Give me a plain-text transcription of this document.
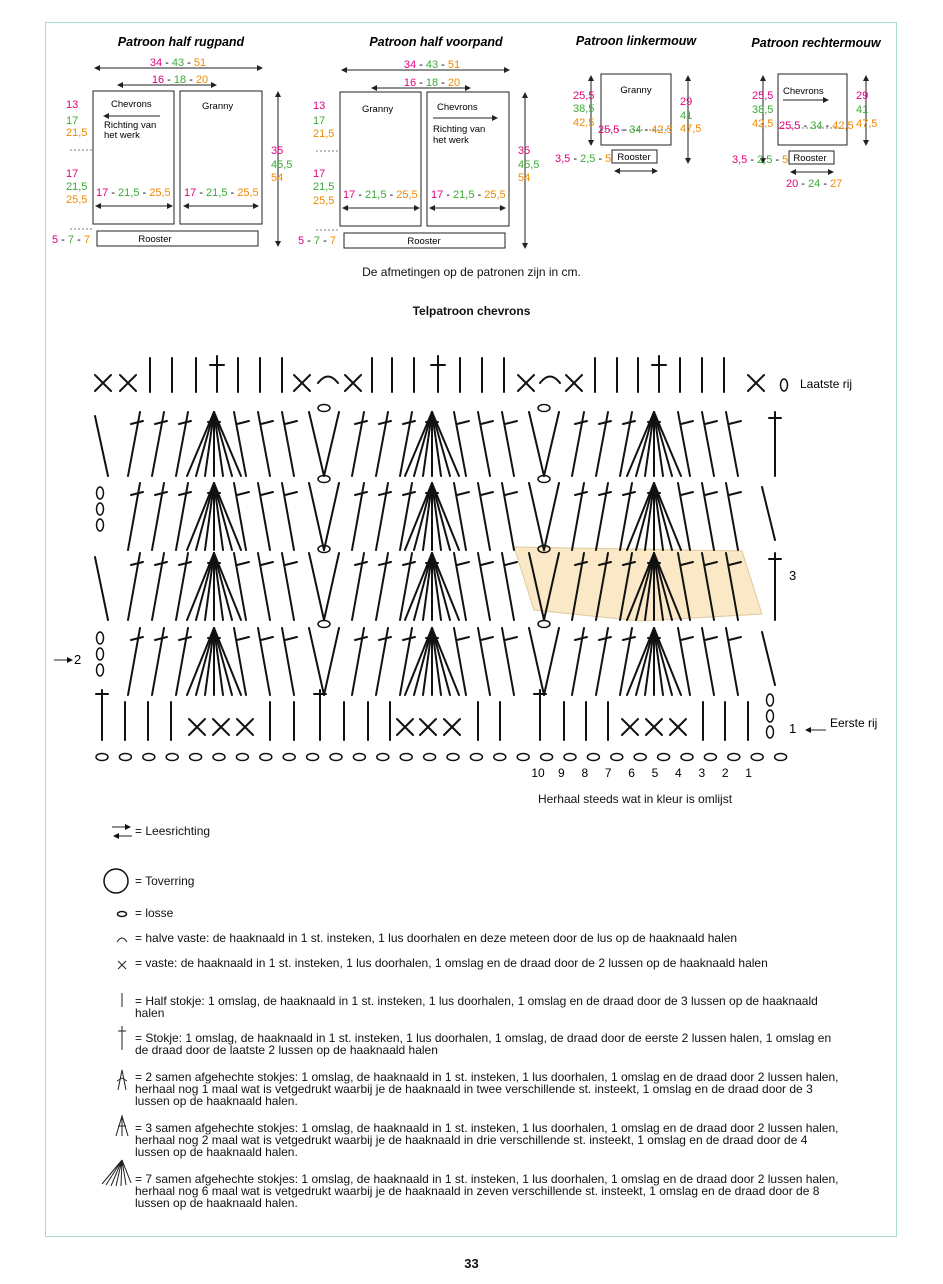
Patroon half rugpand
34 - 43 - 51
16 - 18 - 20
Chevrons	Granny
Richting van
het werk
Rooster
13
17
21,5
17
21,5
25,5
35
45,5
54
17 - 21,5 - 25,5 17 - 21,5 - 25,5
5 - 7 - 7
Patroon half voorpand
34 - 43 - 51
16 - 18 - 20
Granny	Chevrons
Richting van
het werk
Rooster
13
17
21,5
17
21,5
25,5
35
45,5
54
17 - 21,5 - 25,5 17 - 21,5 - 25,5
5 - 7 - 7
Patroon linkermouw
Granny
Rooster
25,5
38,5
42,5
29
41
47,5
25,5 - 34 - 42,5
3,5 - 2,5 - 5
Patroon rechtermouw
Chevrons
Rooster
25,5
38,5
42,5
29
41
47,5
25,5 - 34 - 42,5
3,5 - 2,5 - 5
20 - 24 - 27
De afmetingen op de patronen zijn in cm.
Telpatroon chevrons
Laatste rij
Eerste rij
1
2
3
10 9 8 7 6 5 4 3 2 1
Herhaal steeds wat in kleur is omlijst
= Leesrichting
= Toverring
= losse
= halve vaste: de haaknaald in 1 st. insteken, 1 lus doorhalen en deze meteen door de lus op de haaknaald halen
= vaste: de haaknaald in 1 st. insteken, 1 lus doorhalen, 1 omslag en de draad door de 2 lussen op de haaknaald halen
= Half stokje: 1 omslag, de haaknaald in 1 st. insteken, 1 lus doorhalen, 1 omslag en de draad door de 3 lussen op de haaknaald halen
= Stokje: 1 omslag, de haaknaald in 1 st. insteken, 1 lus doorhalen, 1 omslag, de draad door de eerste 2 lussen halen, 1 omslag en de draad door de laatste 2 lussen op de haaknaald halen
= 2 samen afgehechte stokjes: 1 omslag, de haaknaald in 1 st. insteken, 1 lus doorhalen, 1 omslag en de draad door 2 lussen halen, herhaal nog 1 maal wat is vetgedrukt waarbij je de haaknaald in twee verschillende st. insteekt, 1 omslag en de draad door de 3 lussen op de haaknaald halen.
= 3 samen afgehechte stokjes: 1 omslag, de haaknaald in 1 st. insteken, 1 lus doorhalen, 1 omslag en de draad door 2 lussen halen, herhaal nog 2 maal wat is vetgedrukt waarbij je de haaknaald in drie verschillende st. insteekt, 1 omslag en de draad door de 4 lussen op de haaknaald halen.
= 7 samen afgehechte stokjes: 1 omslag, de haaknaald in 1 st. insteken, 1 lus doorhalen, 1 omslag en de draad door 2 lussen halen, herhaal nog 6 maal wat is vetgedrukt waarbij je de haaknaald in zeven verschillende st. insteekt, 1 omslag en de draad door de 8 lussen op de haaknaald halen.
33
